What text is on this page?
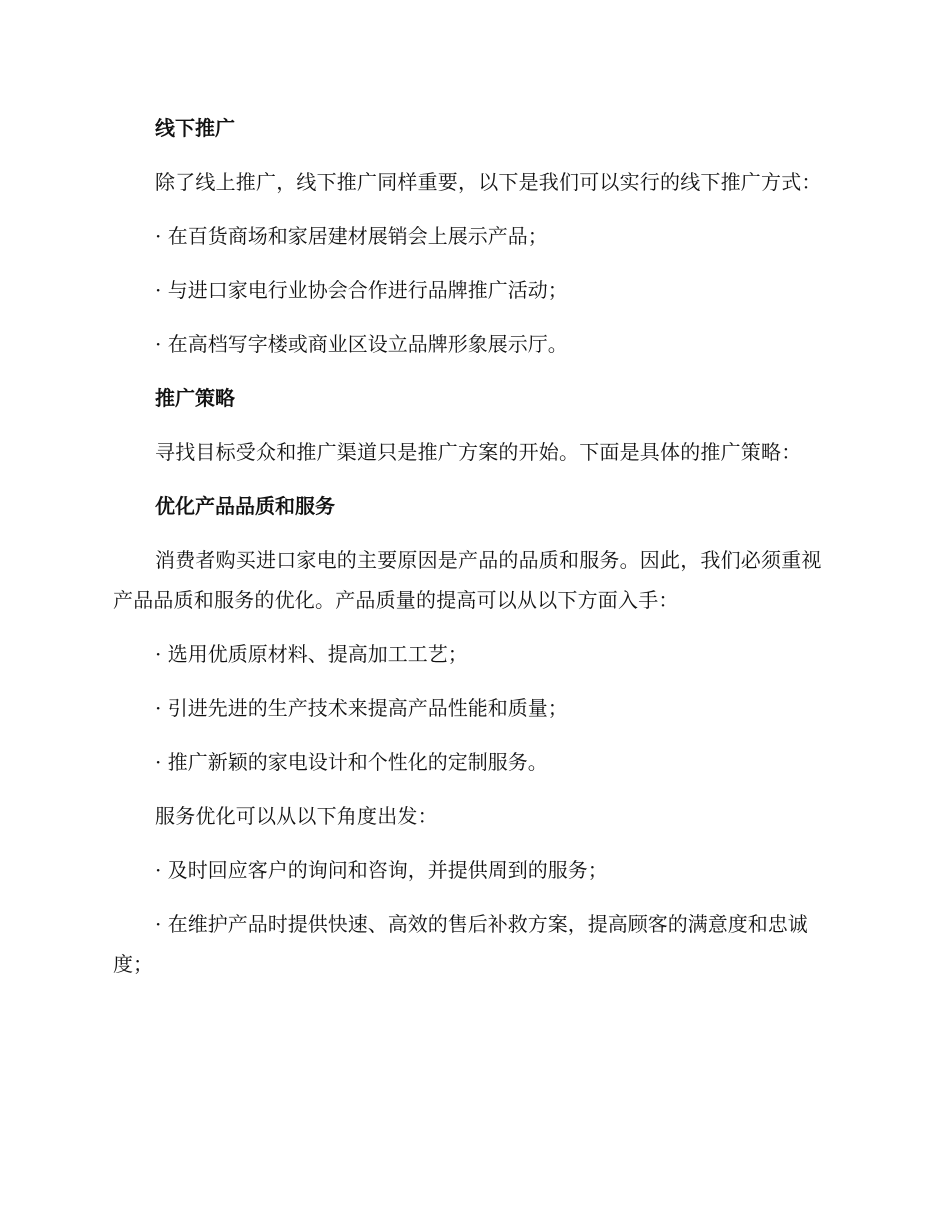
线下推广
除了线上推广，线下推广同样重要，以下是我们可以实行的线下推广方式：
· 在百货商场和家居建材展销会上展示产品；
· 与进口家电行业协会合作进行品牌推广活动；
· 在高档写字楼或商业区设立品牌形象展示厅。
推广策略
寻找目标受众和推广渠道只是推广方案的开始。下面是具体的推广策略：
优化产品品质和服务
消费者购买进口家电的主要原因是产品的品质和服务。因此，我们必须重视产品品质和服务的优化。产品质量的提高可以从以下方面入手：
· 选用优质原材料、提高加工工艺；
· 引进先进的生产技术来提高产品性能和质量；
· 推广新颖的家电设计和个性化的定制服务。
服务优化可以从以下角度出发：
· 及时回应客户的询问和咨询，并提供周到的服务；
· 在维护产品时提供快速、高效的售后补救方案，提高顾客的满意度和忠诚度；
